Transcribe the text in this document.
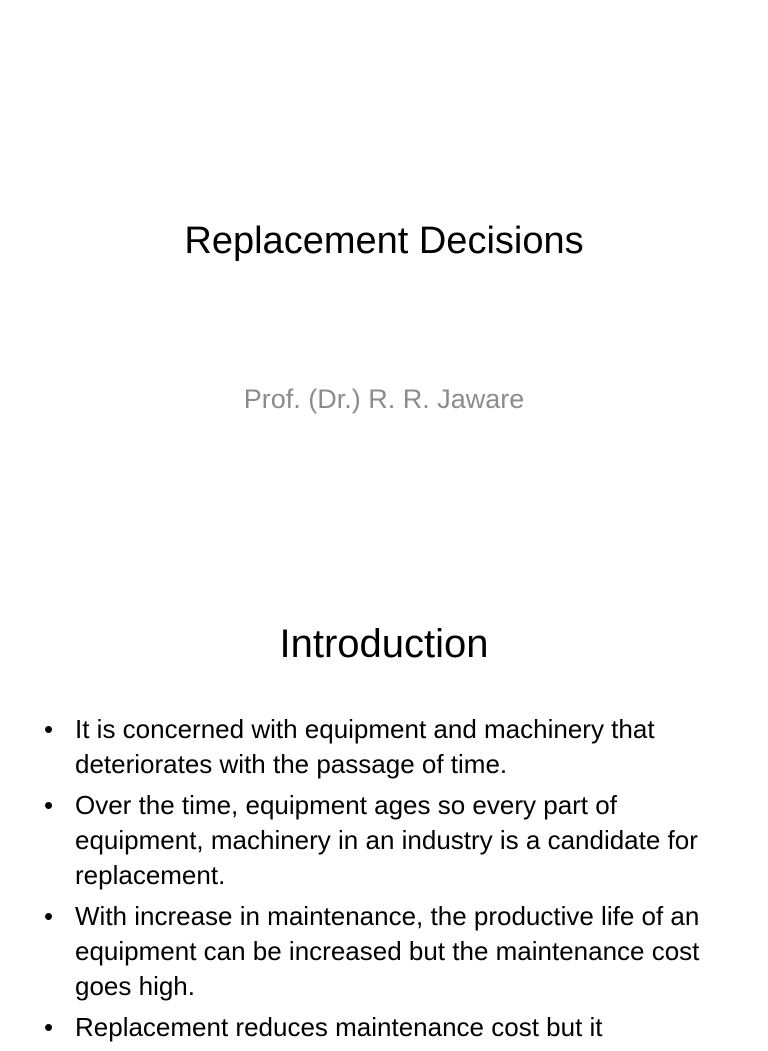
Replacement Decisions

Prof. (Dr.) R. R. Jaware

Introduction
• It is concerned with equipment and machinery that deteriorates with the passage of time.
• Over the time, equipment ages so every part of equipment, machinery in an industry is a candidate for replacement.
• With increase in maintenance, the productive life of an equipment can be increased but the maintenance cost goes high.
• Replacement reduces maintenance cost but it
